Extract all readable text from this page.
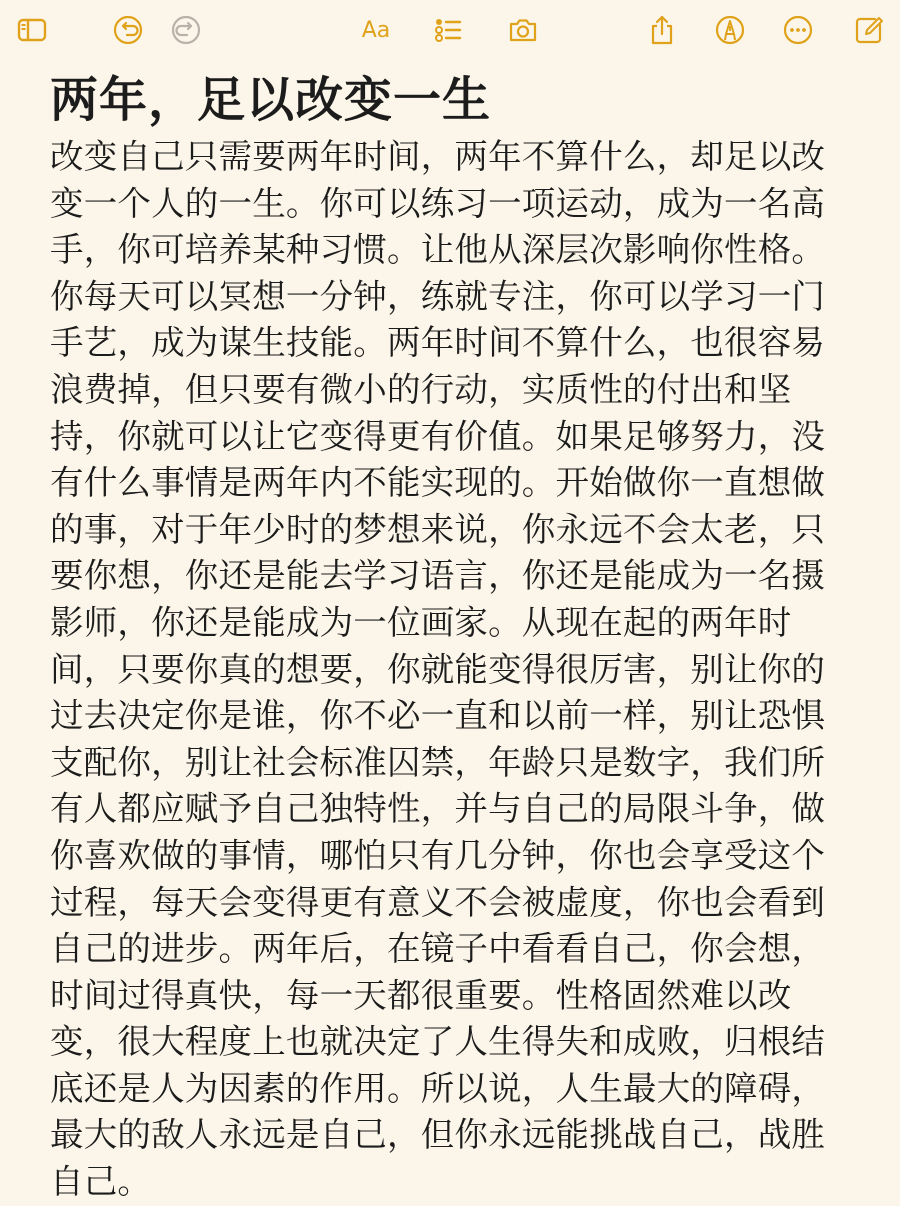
Aa
两年，足以改变一生

改变自己只需要两年时间，两年不算什么，却足以改变一个人的一生。你可以练习一项运动，成为一名高手，你可培养某种习惯。让他从深层次影响你性格。你每天可以冥想一分钟，练就专注，你可以学习一门手艺，成为谋生技能。两年时间不算什么，也很容易浪费掉，但只要有微小的行动，实质性的付出和坚持，你就可以让它变得更有价值。如果足够努力，没有什么事情是两年内不能实现的。开始做你一直想做的事，对于年少时的梦想来说，你永远不会太老，只要你想，你还是能去学习语言，你还是能成为一名摄影师，你还是能成为一位画家。从现在起的两年时间，只要你真的想要，你就能变得很厉害，别让你的过去决定你是谁，你不必一直和以前一样，别让恐惧支配你，别让社会标准囚禁，年龄只是数字，我们所有人都应赋予自己独特性，并与自己的局限斗争，做你喜欢做的事情，哪怕只有几分钟，你也会享受这个过程，每天会变得更有意义不会被虚度，你也会看到自己的进步。两年后，在镜子中看看自己，你会想，时间过得真快，每一天都很重要。性格固然难以改变，很大程度上也就决定了人生得失和成败，归根结底还是人为因素的作用。所以说，人生最大的障碍，最大的敌人永远是自己，但你永远能挑战自己，战胜自己。
